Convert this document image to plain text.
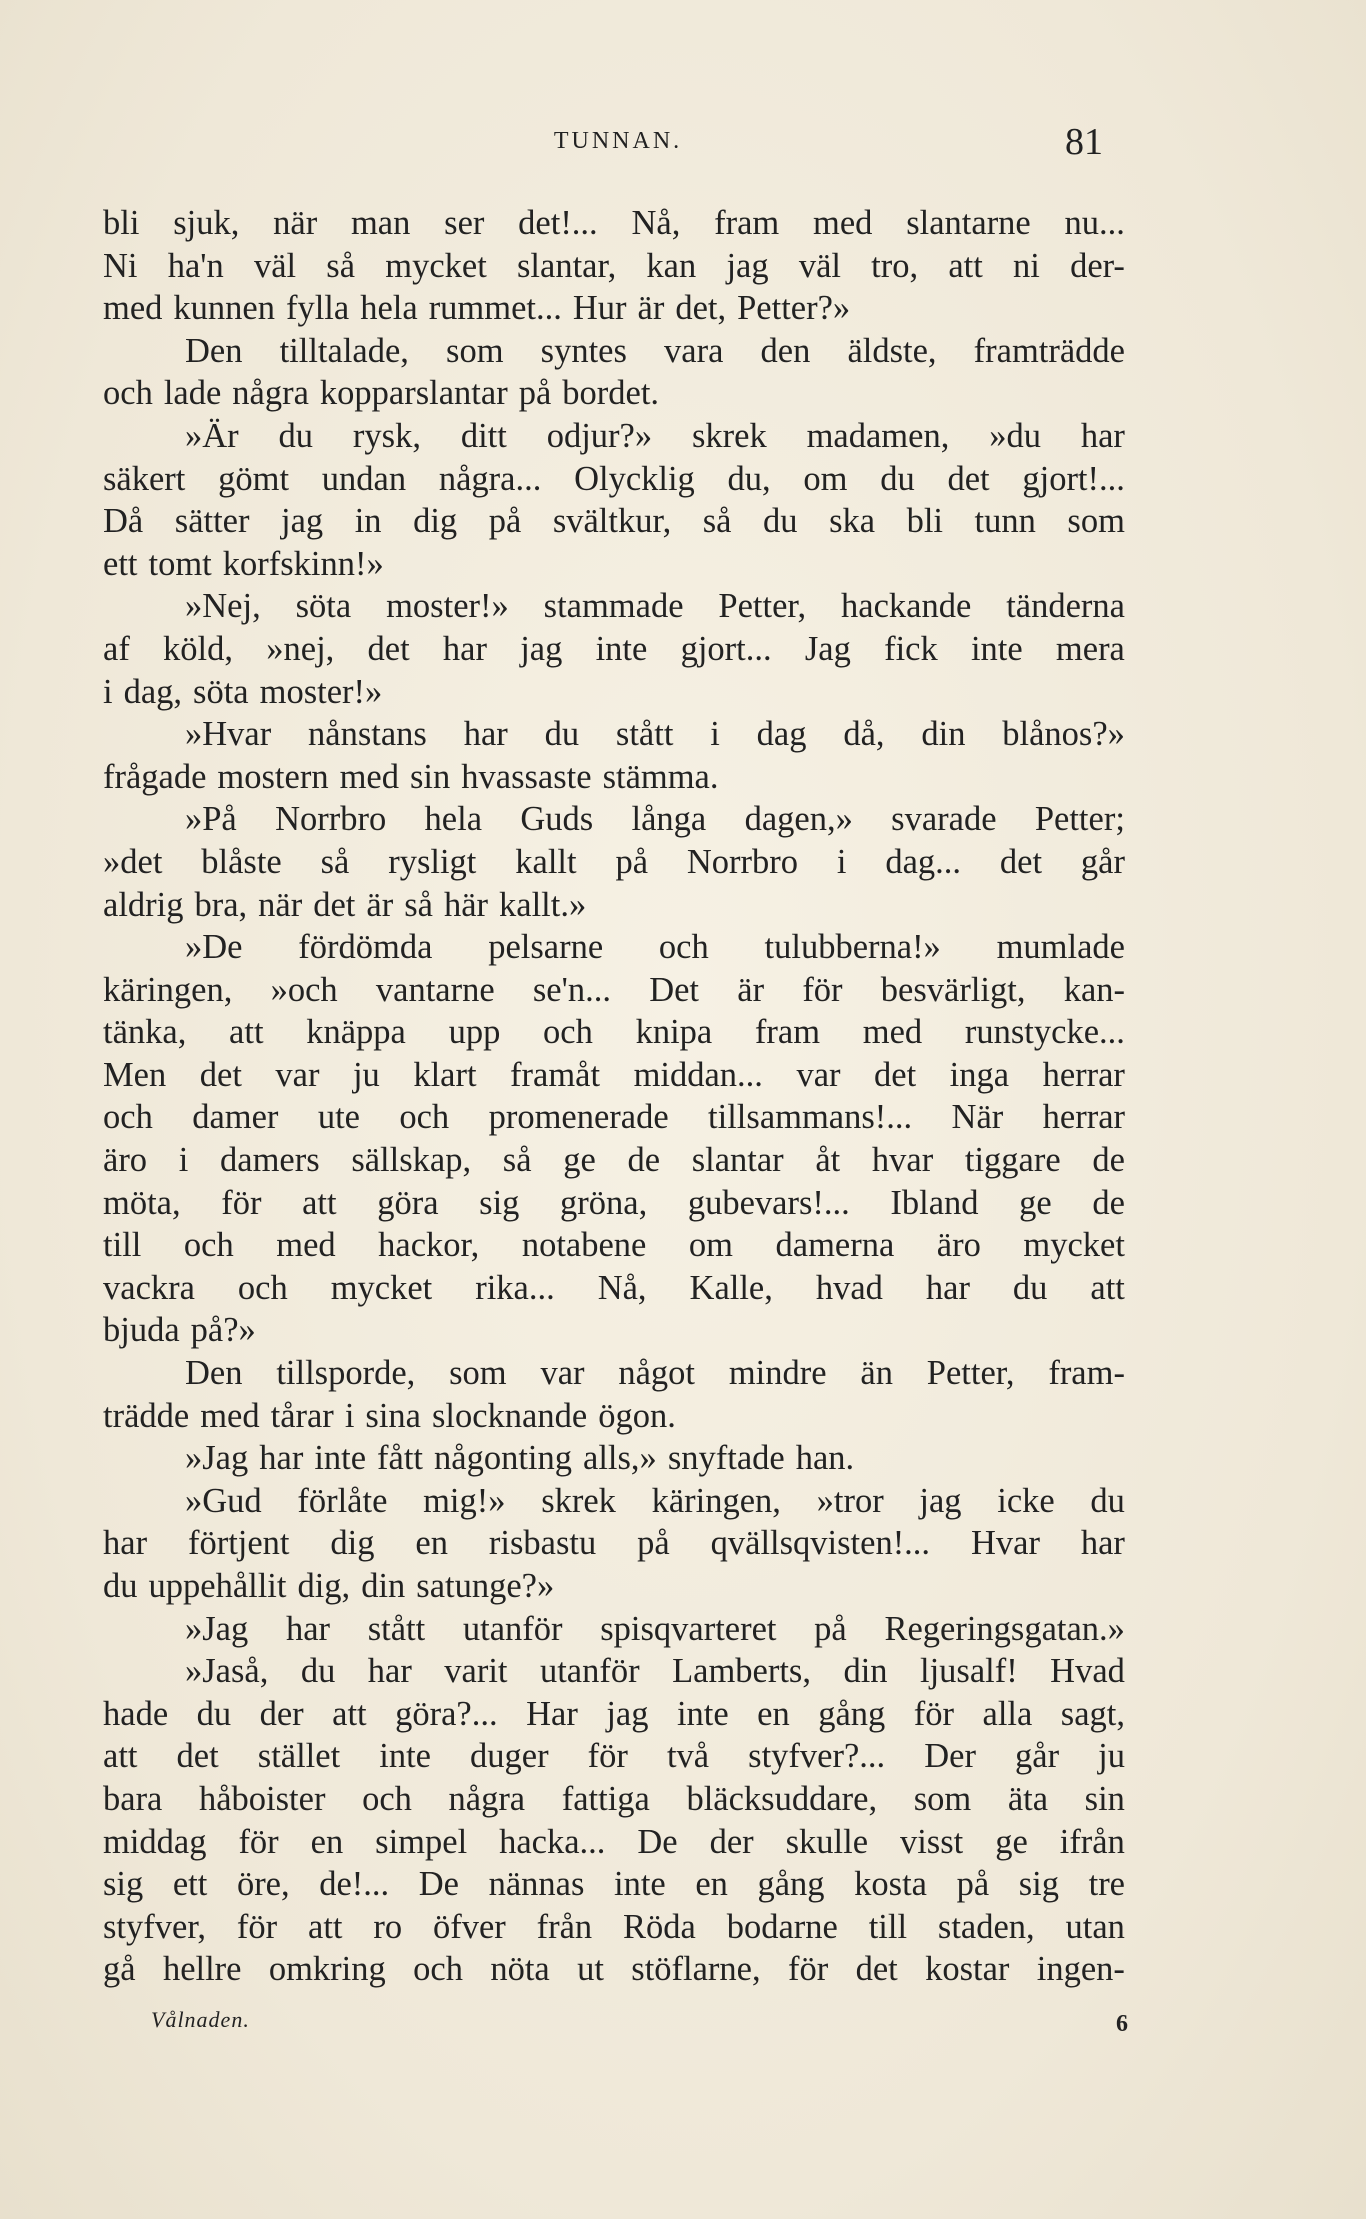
TUNNAN.	81
bli sjuk, när man ser det!... Nå, fram med slantarne nu...
Ni ha'n väl så mycket slantar, kan jag väl tro, att ni der-
med kunnen fylla hela rummet... Hur är det, Petter?»
Den tilltalade, som syntes vara den äldste, framträdde
och lade några kopparslantar på bordet.
»Är du rysk, ditt odjur?» skrek madamen, »du har
säkert gömt undan några... Olycklig du, om du det gjort!...
Då sätter jag in dig på svältkur, så du ska bli tunn som
ett tomt korfskinn!»
»Nej, söta moster!» stammade Petter, hackande tänderna
af köld, »nej, det har jag inte gjort... Jag fick inte mera
i dag, söta moster!»
»Hvar nånstans har du stått i dag då, din blånos?»
frågade mostern med sin hvassaste stämma.
»På Norrbro hela Guds långa dagen,» svarade Petter;
»det blåste så rysligt kallt på Norrbro i dag... det går
aldrig bra, när det är så här kallt.»
»De fördömda pelsarne och tulubberna!» mumlade
käringen, »och vantarne se'n... Det är för besvärligt, kan-
tänka, att knäppa upp och knipa fram med runstycke...
Men det var ju klart framåt middan... var det inga herrar
och damer ute och promenerade tillsammans!... När herrar
äro i damers sällskap, så ge de slantar åt hvar tiggare de
möta, för att göra sig gröna, gubevars!... Ibland ge de
till och med hackor, notabene om damerna äro mycket
vackra och mycket rika... Nå, Kalle, hvad har du att
bjuda på?»
Den tillsporde, som var något mindre än Petter, fram-
trädde med tårar i sina slocknande ögon.
»Jag har inte fått någonting alls,» snyftade han.
»Gud förlåte mig!» skrek käringen, »tror jag icke du
har förtjent dig en risbastu på qvällsqvisten!... Hvar har
du uppehållit dig, din satunge?»
»Jag har stått utanför spisqvarteret på Regeringsgatan.»
»Jaså, du har varit utanför Lamberts, din ljusalf! Hvad
hade du der att göra?... Har jag inte en gång för alla sagt,
att det stället inte duger för två styfver?... Der går ju
bara håboister och några fattiga bläcksuddare, som äta sin
middag för en simpel hacka... De der skulle visst ge ifrån
sig ett öre, de!... De nännas inte en gång kosta på sig tre
styfver, för att ro öfver från Röda bodarne till staden, utan
gå hellre omkring och nöta ut stöflarne, för det kostar ingen-
Vålnaden.	6
